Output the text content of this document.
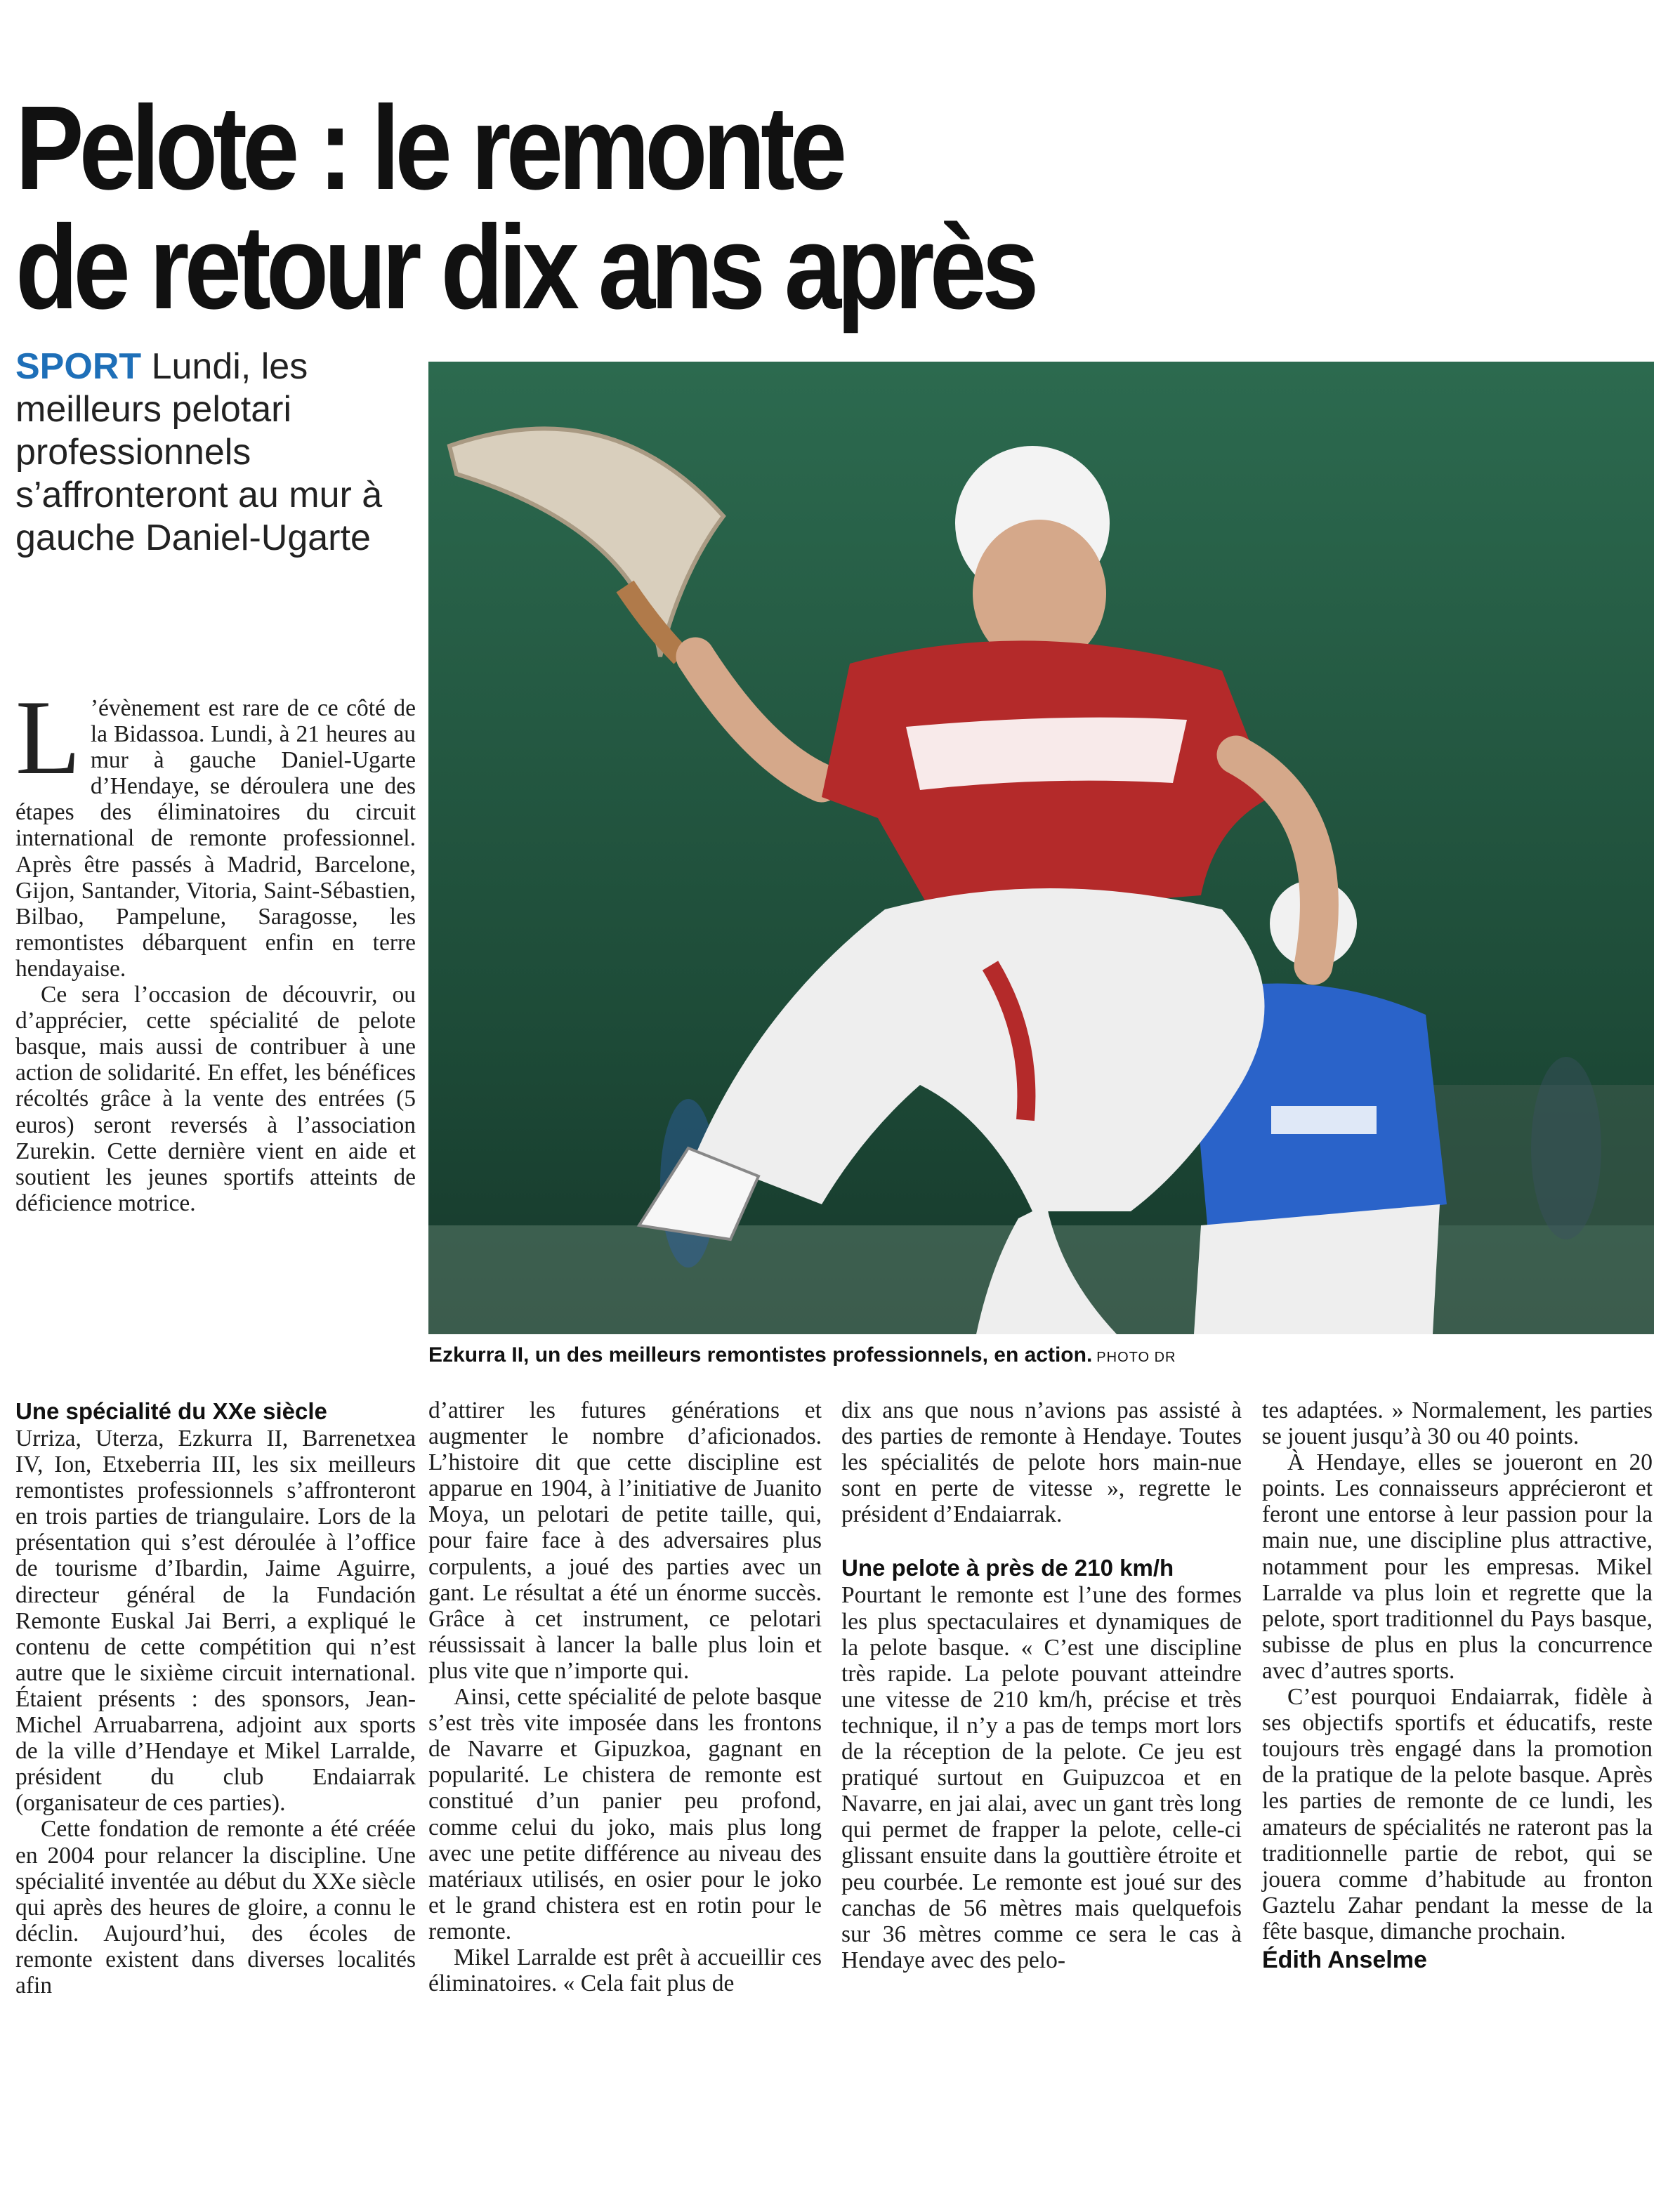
Pelote : le remonte
de retour dix ans après
SPORT Lundi, les meilleurs pelotari professionnels s’affronteront au mur à gauche Daniel-Ugarte
Ezkurra II, un des meilleurs remontistes professionnels, en action. PHOTO DR

L ’évènement est rare de ce côté de la Bidassoa. Lundi, à 21 heures au mur à gauche Daniel-Ugarte d’Hendaye, se déroulera une des étapes des éliminatoires du circuit international de remonte professionnel. Après être passés à Madrid, Barcelone, Gijon, Santander, Vitoria, Saint-Sébastien, Bilbao, Pampelune, Saragosse, les remontistes débarquent enfin en terre hendayaise.

Ce sera l’occasion de découvrir, ou d’apprécier, cette spécialité de pelote basque, mais aussi de contribuer à une action de solidarité. En effet, les bénéfices récoltés grâce à la vente des entrées (5 euros) seront reversés à l’association Zurekin. Cette dernière vient en aide et soutient les jeunes sportifs atteints de déficience motrice.

Une spécialité du XXe siècle

Urriza, Uterza, Ezkurra II, Barrenetxea IV, Ion, Etxeberria III, les six meilleurs remontistes professionnels s’affronteront en trois parties de triangulaire. Lors de la présentation qui s’est déroulée à l’office de tourisme d’Ibardin, Jaime Aguirre, directeur général de la Fundación Remonte Euskal Jai Berri, a expliqué le contenu de cette compétition qui n’est autre que le sixième circuit international. Étaient présents : des sponsors, Jean-Michel Arruabarrena, adjoint aux sports de la ville d’Hendaye et Mikel Larralde, président du club Endaiarrak (organisateur de ces parties).

Cette fondation de remonte a été créée en 2004 pour relancer la discipline. Une spécialité inventée au début du XXe siècle qui après des heures de gloire, a connu le déclin. Aujourd’hui, des écoles de remonte existent dans diverses localités afin

d’attirer les futures générations et augmenter le nombre d’aficionados. L’histoire dit que cette discipline est apparue en 1904, à l’initiative de Juanito Moya, un pelotari de petite taille, qui, pour faire face à des adversaires plus corpulents, a joué des parties avec un gant. Le résultat a été un énorme succès. Grâce à cet instrument, ce pelotari réussissait à lancer la balle plus loin et plus vite que n’importe qui.

Ainsi, cette spécialité de pelote basque s’est très vite imposée dans les frontons de Navarre et Gipuzkoa, gagnant en popularité. Le chistera de remonte est constitué d’un panier peu profond, comme celui du joko, mais plus long avec une petite différence au niveau des matériaux utilisés, en osier pour le joko et le grand chistera est en rotin pour le remonte.

Mikel Larralde est prêt à accueillir ces éliminatoires. « Cela fait plus de

dix ans que nous n’avions pas assisté à des parties de remonte à Hendaye. Toutes les spécialités de pelote hors main-nue sont en perte de vitesse », regrette le président d’Endaiarrak.

Une pelote à près de 210 km/h

Pourtant le remonte est l’une des formes les plus spectaculaires et dynamiques de la pelote basque. « C’est une discipline très rapide. La pelote pouvant atteindre une vitesse de 210 km/h, précise et très technique, il n’y a pas de temps mort lors de la réception de la pelote. Ce jeu est pratiqué surtout en Guipuzcoa et en Navarre, en jai alai, avec un gant très long qui permet de frapper la pelote, celle-ci glissant ensuite dans la gouttière étroite et peu courbée. Le remonte est joué sur des canchas de 56 mètres mais quelquefois sur 36 mètres comme ce sera le cas à Hendaye avec des pelo-

tes adaptées. » Normalement, les parties se jouent jusqu’à 30 ou 40 points.

À Hendaye, elles se joueront en 20 points. Les connaisseurs apprécieront et feront une entorse à leur passion pour la main nue, une discipline plus attractive, notamment pour les empresas. Mikel Larralde va plus loin et regrette que la pelote, sport traditionnel du Pays basque, subisse de plus en plus la concurrence avec d’autres sports.

C’est pourquoi Endaiarrak, fidèle à ses objectifs sportifs et éducatifs, reste toujours très engagé dans la promotion de la pratique de la pelote basque. Après les parties de remonte de ce lundi, les amateurs de spécialités ne rateront pas la traditionnelle partie de rebot, qui se jouera comme d’habitude au fronton Gaztelu Zahar pendant la messe de la fête basque, dimanche prochain.

Édith Anselme
